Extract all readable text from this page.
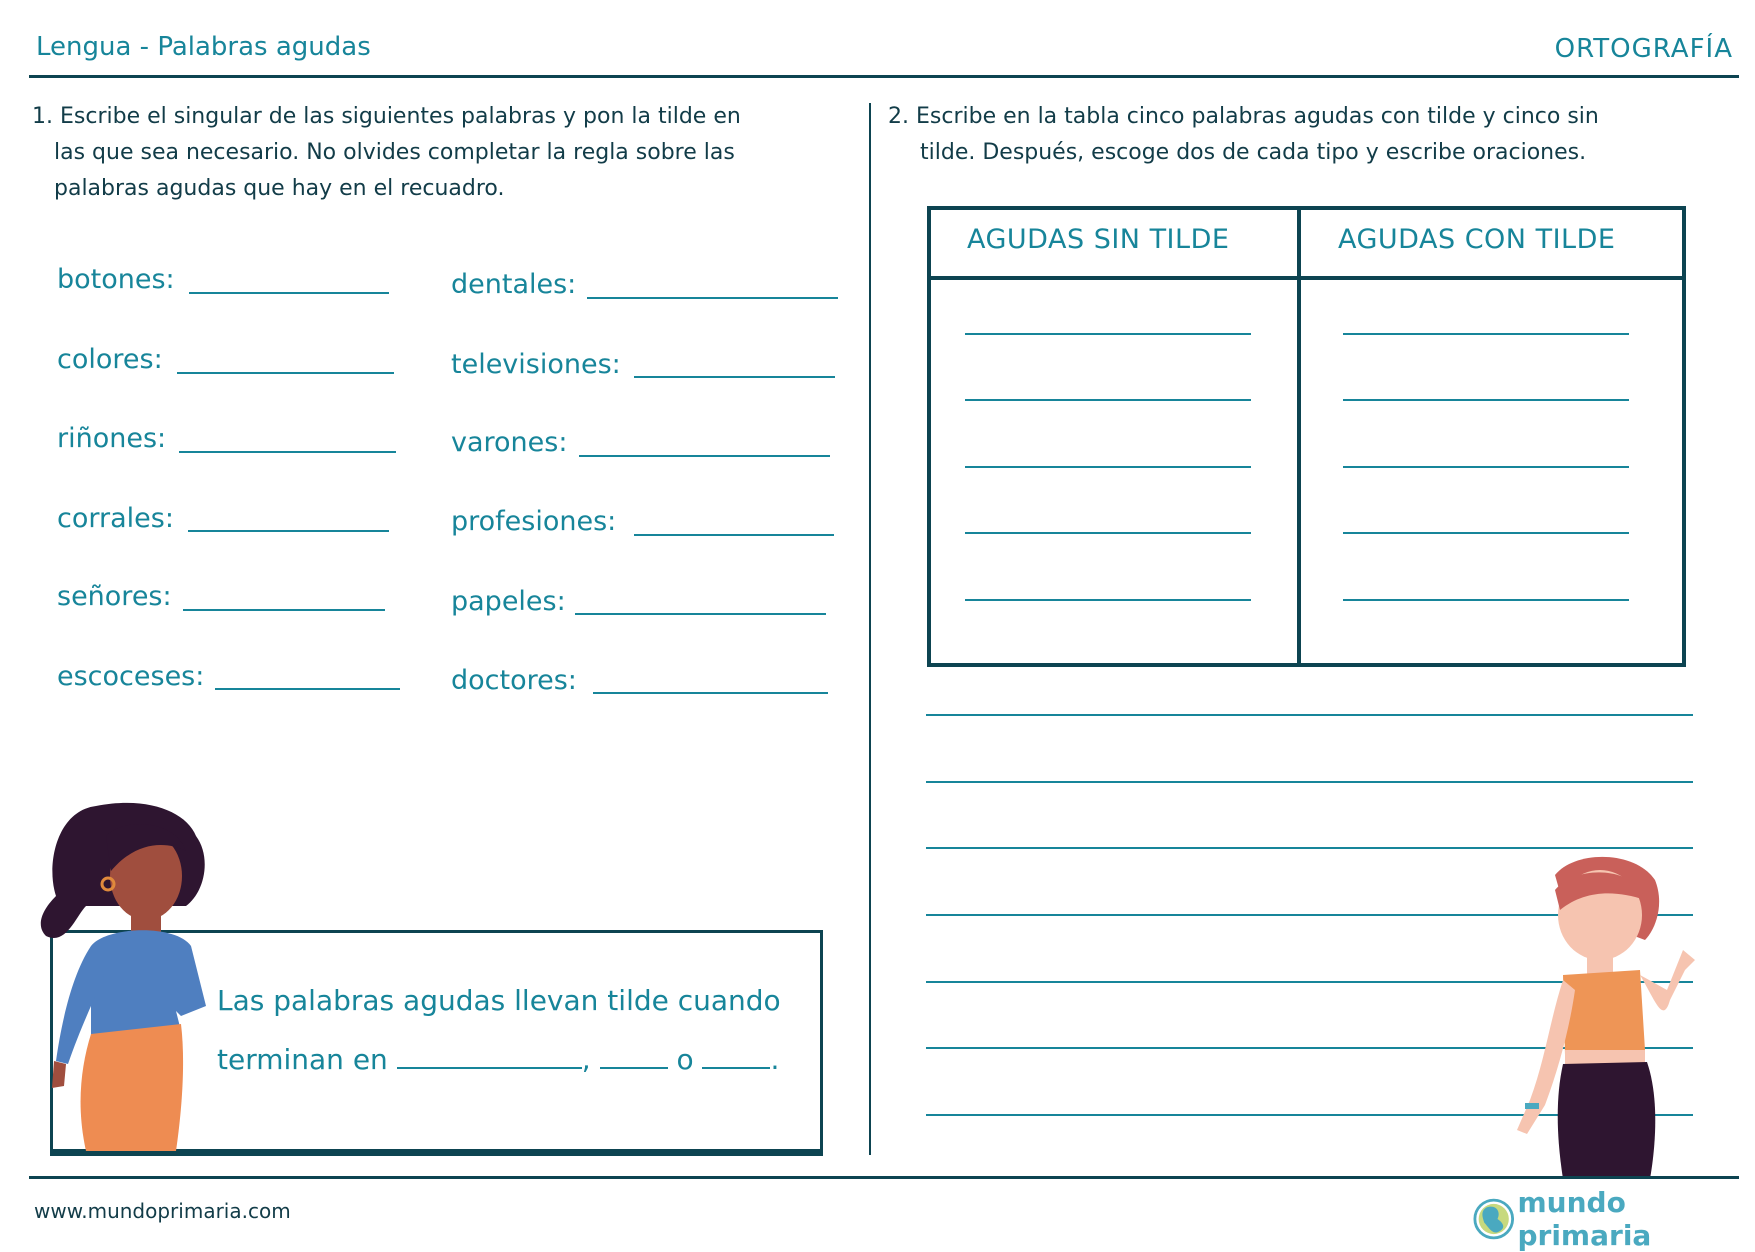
Lengua - Palabras agudas	ORTOGRAFÍA
1. Escribe el singular de las siguientes palabras y pon la tilde en
las que sea necesario. No olvides completar la regla sobre las
palabras agudas que hay en el recuadro.
botones:
colores:
riñones:
corrales:
señores:
escoceses:
dentales:
televisiones:
varones:
profesiones:
papeles:
doctores:
Las palabras agudas llevan tilde cuando
terminan en	,	o	.
2. Escribe en la tabla cinco palabras agudas con tilde y cinco sin
tilde. Después, escoge dos de cada tipo y escribe oraciones.
AGUDAS SIN TILDE	AGUDAS CON TILDE
www.mundoprimaria.com	mundo primaria
